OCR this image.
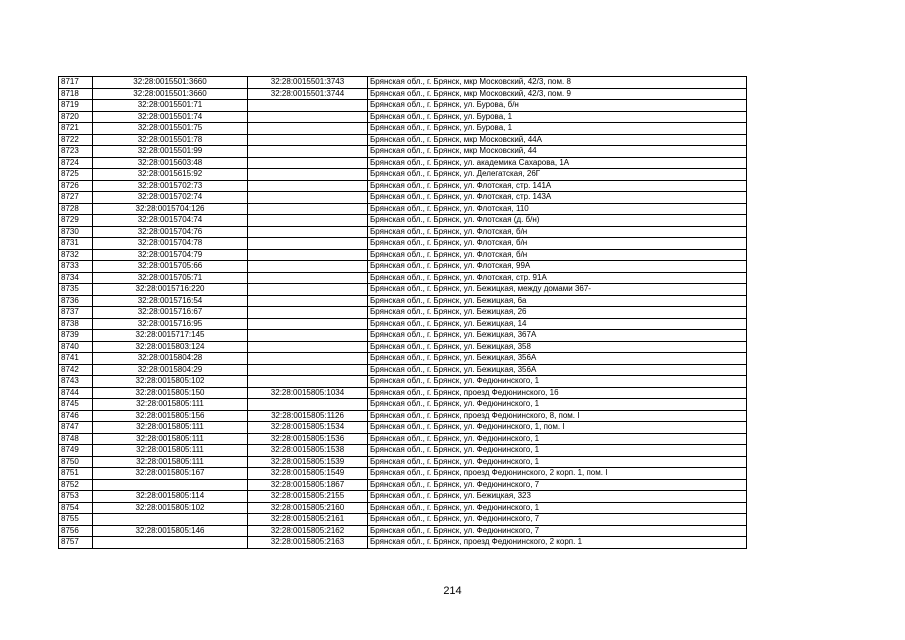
8717	32:28:0015501:3660	32:28:0015501:3743	Брянская обл., г. Брянск, мкр Московский, 42/3, пом. 8
8718	32:28:0015501:3660	32:28:0015501:3744	Брянская обл., г. Брянск, мкр Московский, 42/3, пом. 9
8719	32:28:0015501:71		Брянская обл., г. Брянск, ул. Бурова, б/н
8720	32:28:0015501:74		Брянская обл., г. Брянск, ул. Бурова, 1
8721	32:28:0015501:75		Брянская обл., г. Брянск, ул. Бурова, 1
8722	32:28:0015501:78		Брянская обл., г. Брянск, мкр Московский, 44А
8723	32:28:0015501:99		Брянская обл., г. Брянск, мкр Московский, 44
8724	32:28:0015603:48		Брянская обл., г. Брянск, ул. академика Сахарова, 1А
8725	32:28:0015615:92		Брянская обл., г. Брянск, ул. Делегатская, 26Г
8726	32:28:0015702:73		Брянская обл., г. Брянск, ул. Флотская, стр. 141А
8727	32:28:0015702:74		Брянская обл., г. Брянск, ул. Флотская, стр. 143А
8728	32:28:0015704:126		Брянская обл., г. Брянск, ул. Флотская, 110
8729	32:28:0015704:74		Брянская обл., г. Брянск, ул. Флотская (д. б/н)
8730	32:28:0015704:76		Брянская обл., г. Брянск, ул. Флотская, б/н
8731	32:28:0015704:78		Брянская обл., г. Брянск, ул. Флотская, б/н
8732	32:28:0015704:79		Брянская обл., г. Брянск, ул. Флотская, б/н
8733	32:28:0015705:66		Брянская обл., г. Брянск, ул. Флотская, 99А
8734	32:28:0015705:71		Брянская обл., г. Брянск, ул. Флотская, стр. 91А
8735	32:28:0015716:220		Брянская обл., г. Брянск, ул. Бежицкая, между домами 367-
8736	32:28:0015716:54		Брянская обл., г. Брянск, ул. Бежицкая, 6а
8737	32:28:0015716:67		Брянская обл., г. Брянск, ул. Бежицкая, 26
8738	32:28:0015716:95		Брянская обл., г. Брянск, ул. Бежицкая, 14
8739	32:28:0015717:145		Брянская обл., г. Брянск, ул. Бежицкая, 367А
8740	32:28:0015803:124		Брянская обл., г. Брянск, ул. Бежицкая, 358
8741	32:28:0015804:28		Брянская обл., г. Брянск, ул. Бежицкая, 356А
8742	32:28:0015804:29		Брянская обл., г. Брянск, ул. Бежицкая, 356А
8743	32:28:0015805:102		Брянская обл., г. Брянск, ул. Федюнинского, 1
8744	32:28:0015805:150	32:28:0015805:1034	Брянская обл., г. Брянск, проезд Федюнинского, 16
8745	32:28:0015805:111		Брянская обл., г. Брянск, ул. Федюнинского, 1
8746	32:28:0015805:156	32:28:0015805:1126	Брянская обл., г. Брянск, проезд Федюнинского, 8, пом. I
8747	32:28:0015805:111	32:28:0015805:1534	Брянская обл., г. Брянск, ул. Федюнинского, 1, пом. I
8748	32:28:0015805:111	32:28:0015805:1536	Брянская обл., г. Брянск, ул. Федюнинского, 1
8749	32:28:0015805:111	32:28:0015805:1538	Брянская обл., г. Брянск, ул. Федюнинского, 1
8750	32:28:0015805:111	32:28:0015805:1539	Брянская обл., г. Брянск, ул. Федюнинского, 1
8751	32:28:0015805:167	32:28:0015805:1549	Брянская обл., г. Брянск, проезд Федюнинского, 2 корп. 1, пом. I
8752		32:28:0015805:1867	Брянская обл., г. Брянск, ул. Федюнинского, 7
8753	32:28:0015805:114	32:28:0015805:2155	Брянская обл., г. Брянск, ул. Бежицкая, 323
8754	32:28:0015805:102	32:28:0015805:2160	Брянская обл., г. Брянск, ул. Федюнинского, 1
8755		32:28:0015805:2161	Брянская обл., г. Брянск, ул. Федюнинского, 7
8756	32:28:0015805:146	32:28:0015805:2162	Брянская обл., г. Брянск, ул. Федюнинского, 7
8757		32:28:0015805:2163	Брянская обл., г. Брянск, проезд Федюнинского, 2 корп. 1
214
